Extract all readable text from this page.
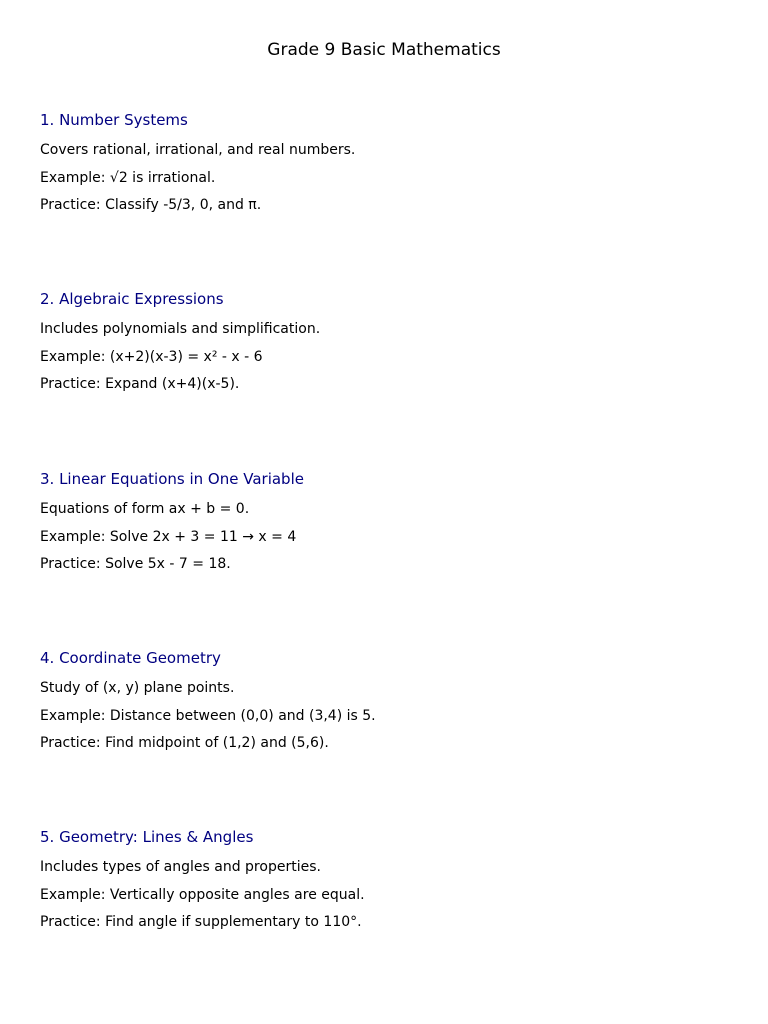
Grade 9 Basic Mathematics
1. Number Systems

Covers rational, irrational, and real numbers.

Example: √2 is irrational.

Practice: Classify -5/3, 0, and π.

2. Algebraic Expressions

Includes polynomials and simplification.

Example: (x+2)(x-3) = x² - x - 6

Practice: Expand (x+4)(x-5).

3. Linear Equations in One Variable

Equations of form ax + b = 0.

Example: Solve 2x + 3 = 11 → x = 4

Practice: Solve 5x - 7 = 18.

4. Coordinate Geometry

Study of (x, y) plane points.

Example: Distance between (0,0) and (3,4) is 5.

Practice: Find midpoint of (1,2) and (5,6).

5. Geometry: Lines & Angles

Includes types of angles and properties.

Example: Vertically opposite angles are equal.

Practice: Find angle if supplementary to 110°.
